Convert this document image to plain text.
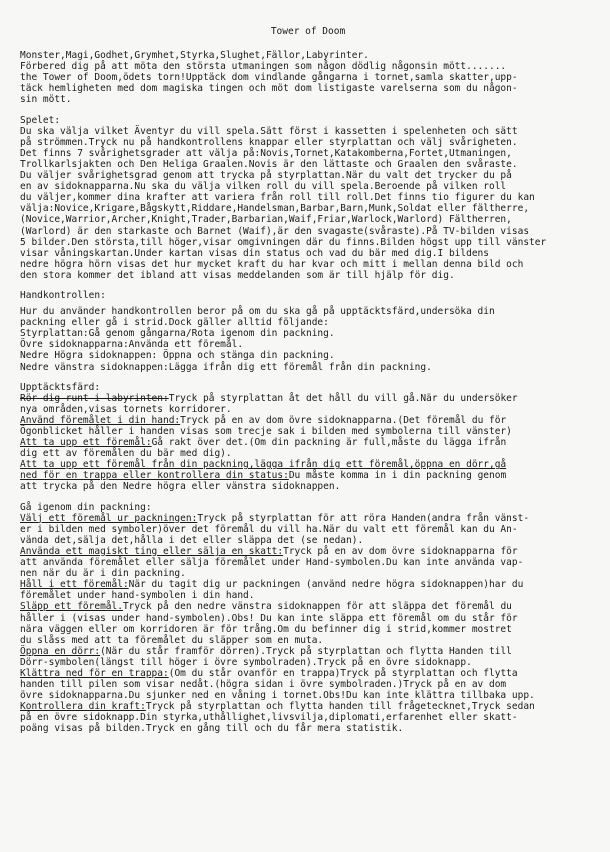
Tower of Doom

Monster,Magi,Godhet,Grymhet,Styrka,Slughet,Fällor,Labyrinter.

Förbered dig på att möta den största utmaningen som någon dödlig någonsin mött.......

the Tower of Doom,ödets torn!Upptäck dom vindlande gångarna i tornet,samla skatter,upp-

täck hemligheten med dom magiska tingen och möt dom listigaste varelserna som du någon-

sin mött.

Spelet:

Du ska välja vilket Äventyr du vill spela.Sätt först i kassetten i spelenheten och sätt

på strömmen.Tryck nu på handkontrollens knappar eller styrplattan och välj svårigheten.

Det finns 7 svårighetsgrader att välja på:Novis,Tornet,Katakomberna,Fortet,Utmaningen,

Trollkarlsjakten och Den Heliga Graalen.Novis är den lättaste och Graalen den svåraste.

Du väljer svårighetsgrad genom att trycka på styrplattan.När du valt det trycker du på

en av sidoknapparna.Nu ska du välja vilken roll du vill spela.Beroende på vilken roll

du väljer,kommer dina krafter att variera från roll till roll.Det finns tio figurer du kan

välja:Novice,Krigare,Bågskytt,Riddare,Handelsman,Barbar,Barn,Munk,Soldat eller fältherre,

(Novice,Warrior,Archer,Knight,Trader,Barbarian,Waif,Friar,Warlock,Warlord) Fältherren,

(Warlord) är den starkaste och Barnet (Waif),är den svagaste(svåraste).På TV-bilden visas

5 bilder.Den största,till höger,visar omgivningen där du finns.Bilden högst upp till vänster

visar våningskartan.Under kartan visas din status och vad du bär med dig.I bildens

nedre högra hörn visas det hur mycket kraft du har kvar och mitt i mellan denna bild och

den stora kommer det ibland att visas meddelanden som är till hjälp för dig.

Handkontrollen:

Hur du använder handkontrollen beror på om du ska gå på upptäcktsfärd,undersöka din

packning eller gå i strid.Dock gäller alltid följande:

Styrplattan:Gå genom gångarna/Rota igenom din packning.

Övre sidoknapparna:Använda ett föremål.

Nedre Högra sidoknappen: Öppna och stänga din packning.

Nedre vänstra sidoknappen:Lägga ifrån dig ett föremål från din packning.

Upptäcktsfärd:

Rör dig runt i labyrinten:Tryck på styrplattan åt det håll du vill gå.När du undersöker

nya områden,visas tornets korridorer.

Använd föremålet i din hand:Tryck på en av dom övre sidoknapparna.(Det föremål du för

Ögonblicket håller i handen visas som trecje sak i bilden med symbolerna till vänster)

Att ta upp ett föremål:Gå rakt över det.(Om din packning är full,måste du lägga ifrån

dig ett av föremålen du bär med dig).

Att ta upp ett föremål från din packning,lägga ifrån dig ett föremål,öppna en dörr,gå

ned för en trappa eller kontrollera din status:Du måste komma in i din packning genom

att trycka på den Nedre högra eller vänstra sidoknappen.

Gå igenom din packning:

Välj ett föremål ur packningen:Tryck på styrplattan för att röra Handen(andra från vänst-

er i bilden med symboler)över det föremål du vill ha.När du valt ett föremål kan du An-

vända det,sälja det,hålla i det eller släppa det (se nedan).

Använda ett magiskt ting eller sälja en skatt:Tryck på en av dom övre sidoknapparna för

att använda föremålet eller sälja föremålet under Hand-symbolen.Du kan inte använda vap-

nen när du är i din packning.

Håll i ett föremål:När du tagit dig ur packningen (använd nedre högra sidoknappen)har du

föremålet under hand-symbolen i din hand.

Släpp ett föremål.Tryck på den nedre vänstra sidoknappen för att släppa det föremål du

håller i (visas under hand-symbolen).Obs! Du kan inte släppa ett föremål om du står för

nära väggen eller om korridoren är för trång.Om du befinner dig i strid,kommer mostret

du slåss med att ta föremålet du släpper som en muta.

Öppna en dörr:(När du står framför dörren).Tryck på styrplattan och flytta Handen till

Dörr-symbolen(längst till höger i övre symbolraden).Tryck på en övre sidoknapp.

Klättra ned för en trappa:(Om du står ovanför en trappa)Tryck på styrplattan och flytta

handen till pilen som visar nedåt.(högra sidan i övre symbolraden.)Tryck på en av dom

övre sidoknapparna.Du sjunker ned en våning i tornet.Obs!Du kan inte klättra tillbaka upp.

Kontrollera din kraft:Tryck på styrplattan och flytta handen till frågetecknet,Tryck sedan

på en övre sidoknapp.Din styrka,uthållighet,livsvilja,diplomati,erfarenhet eller skatt-

poäng visas på bilden.Tryck en gång till och du får mera statistik.
